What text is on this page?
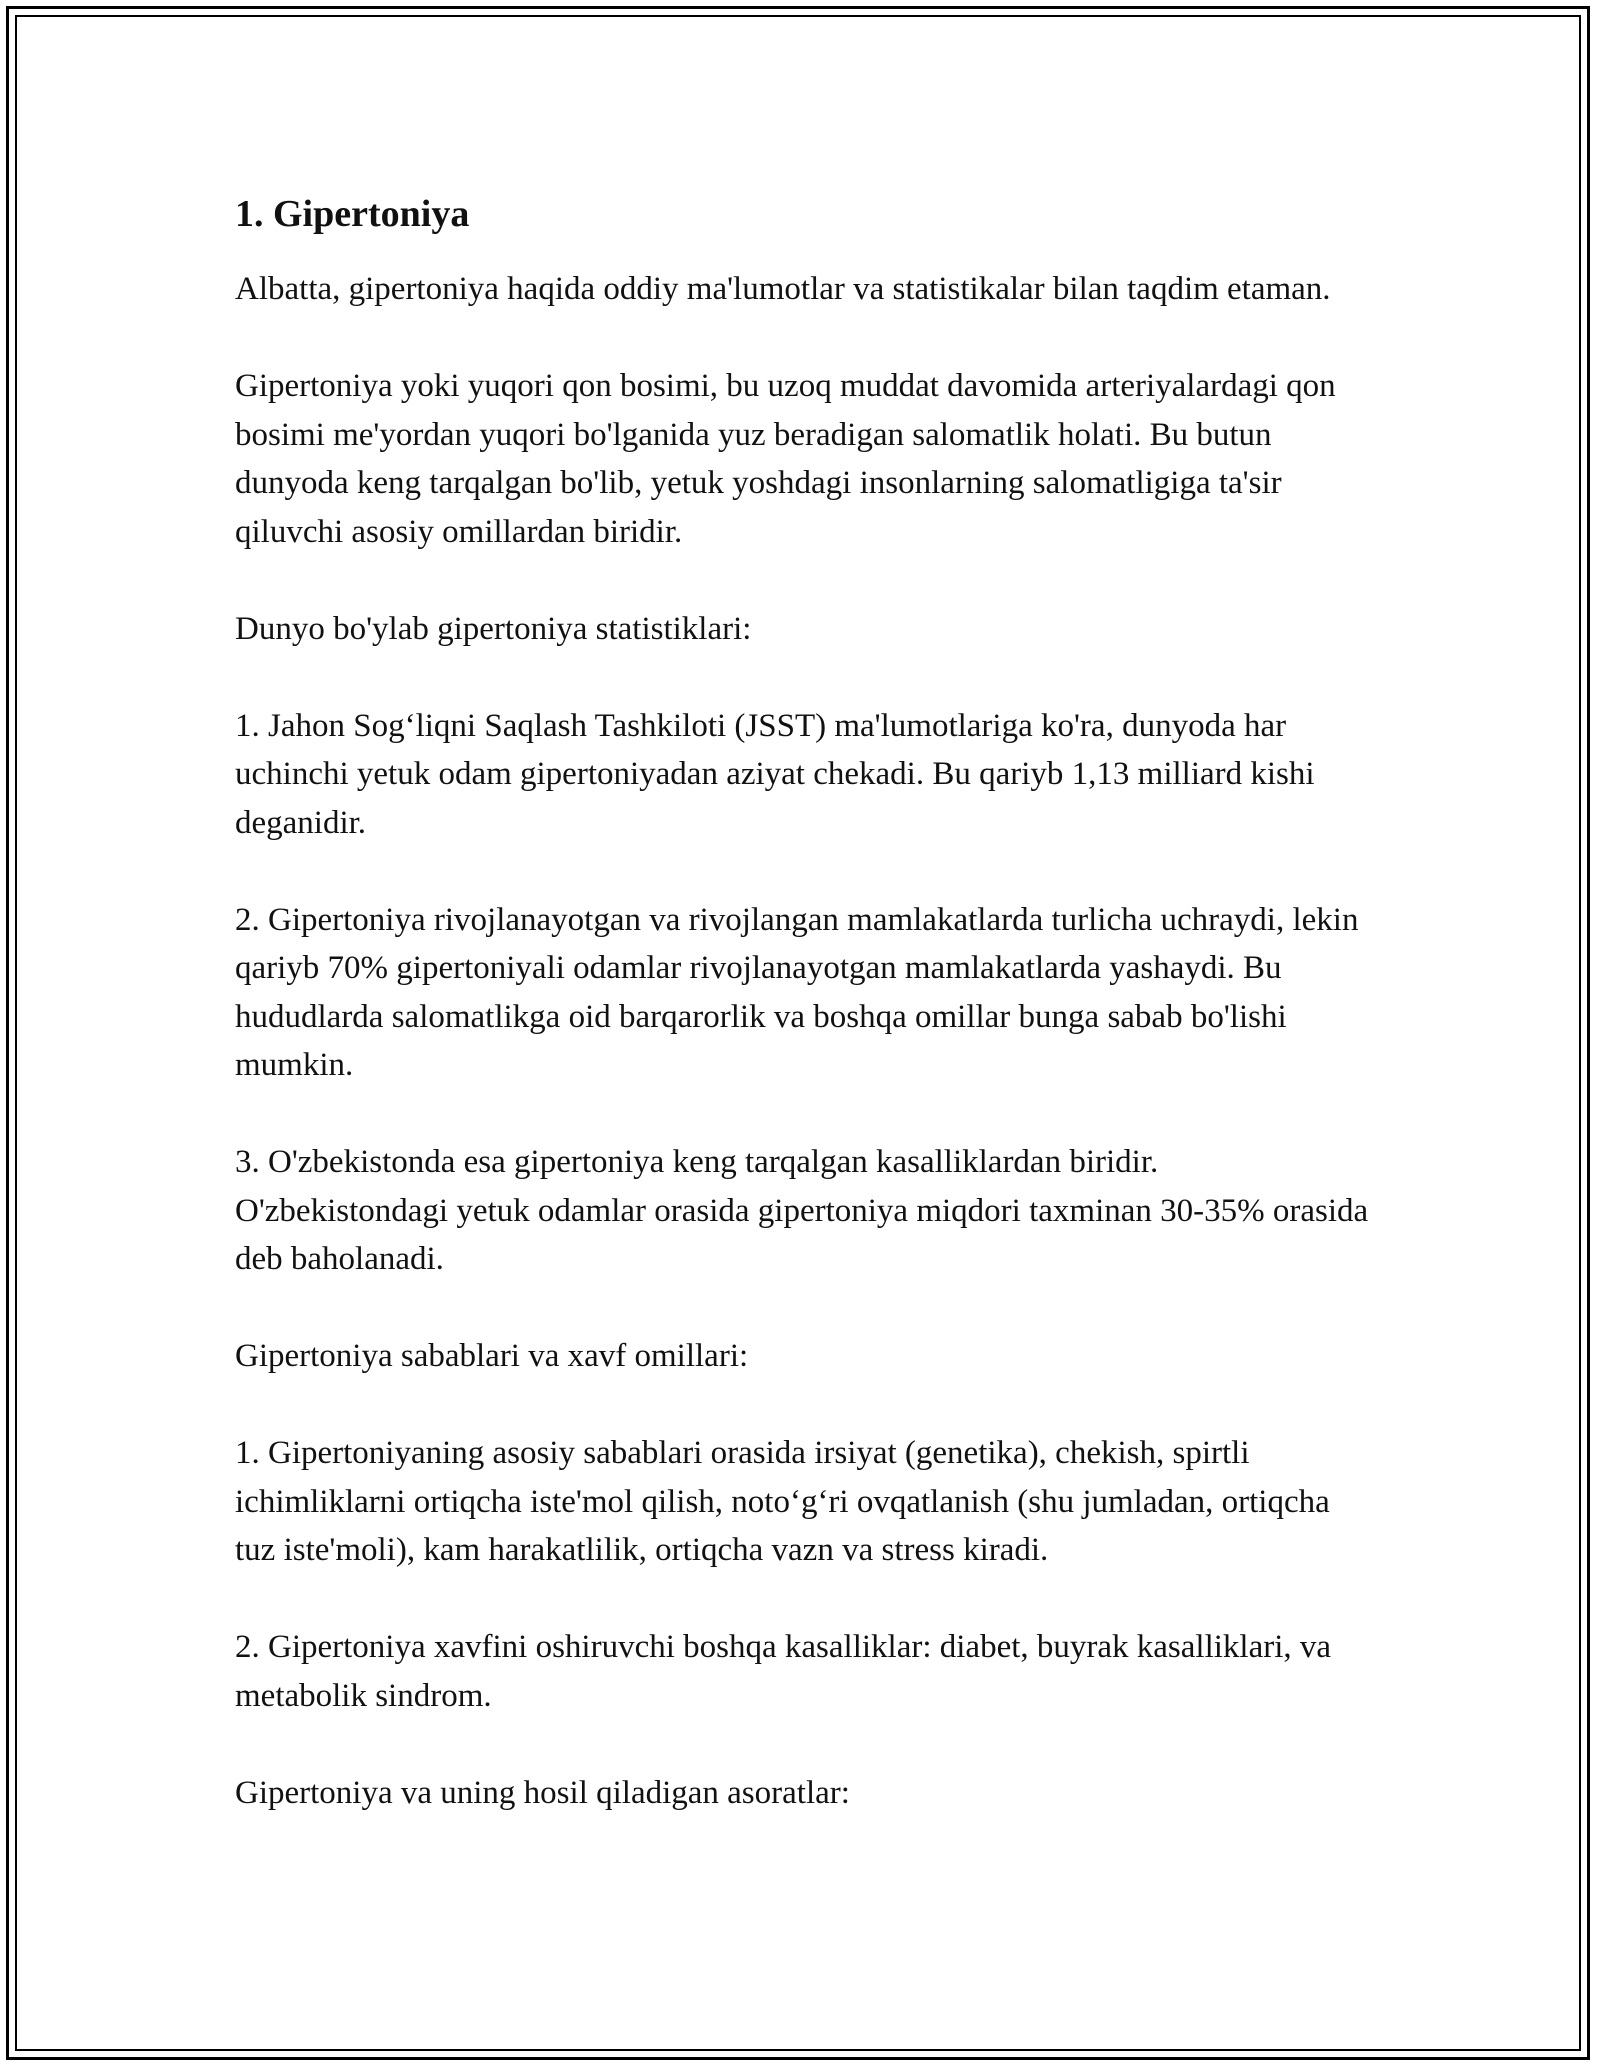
1. Gipertoniya

Albatta, gipertoniya haqida oddiy ma'lumotlar va statistikalar bilan taqdim etaman.

Gipertoniya yoki yuqori qon bosimi, bu uzoq muddat davomida arteriyalardagi qon bosimi me'yordan yuqori bo'lganida yuz beradigan salomatlik holati. Bu butun dunyoda keng tarqalgan bo'lib, yetuk yoshdagi insonlarning salomatligiga ta'sir qiluvchi asosiy omillardan biridir.

Dunyo bo'ylab gipertoniya statistiklari:

1. Jahon Sog‘liqni Saqlash Tashkiloti (JSST) ma'lumotlariga ko'ra, dunyoda har uchinchi yetuk odam gipertoniyadan aziyat chekadi. Bu qariyb 1,13 milliard kishi deganidir.

2. Gipertoniya rivojlanayotgan va rivojlangan mamlakatlarda turlicha uchraydi, lekin qariyb 70% gipertoniyali odamlar rivojlanayotgan mamlakatlarda yashaydi. Bu hududlarda salomatlikga oid barqarorlik va boshqa omillar bunga sabab bo'lishi mumkin.

3. O'zbekistonda esa gipertoniya keng tarqalgan kasalliklardan biridir. O'zbekistondagi yetuk odamlar orasida gipertoniya miqdori taxminan 30-35% orasida deb baholanadi.

Gipertoniya sabablari va xavf omillari:

1. Gipertoniyaning asosiy sabablari orasida irsiyat (genetika), chekish, spirtli ichimliklarni ortiqcha iste'mol qilish, noto‘g‘ri ovqatlanish (shu jumladan, ortiqcha tuz iste'moli), kam harakatlilik, ortiqcha vazn va stress kiradi.

2. Gipertoniya xavfini oshiruvchi boshqa kasalliklar: diabet, buyrak kasalliklari, va metabolik sindrom.

Gipertoniya va uning hosil qiladigan asoratlar:
